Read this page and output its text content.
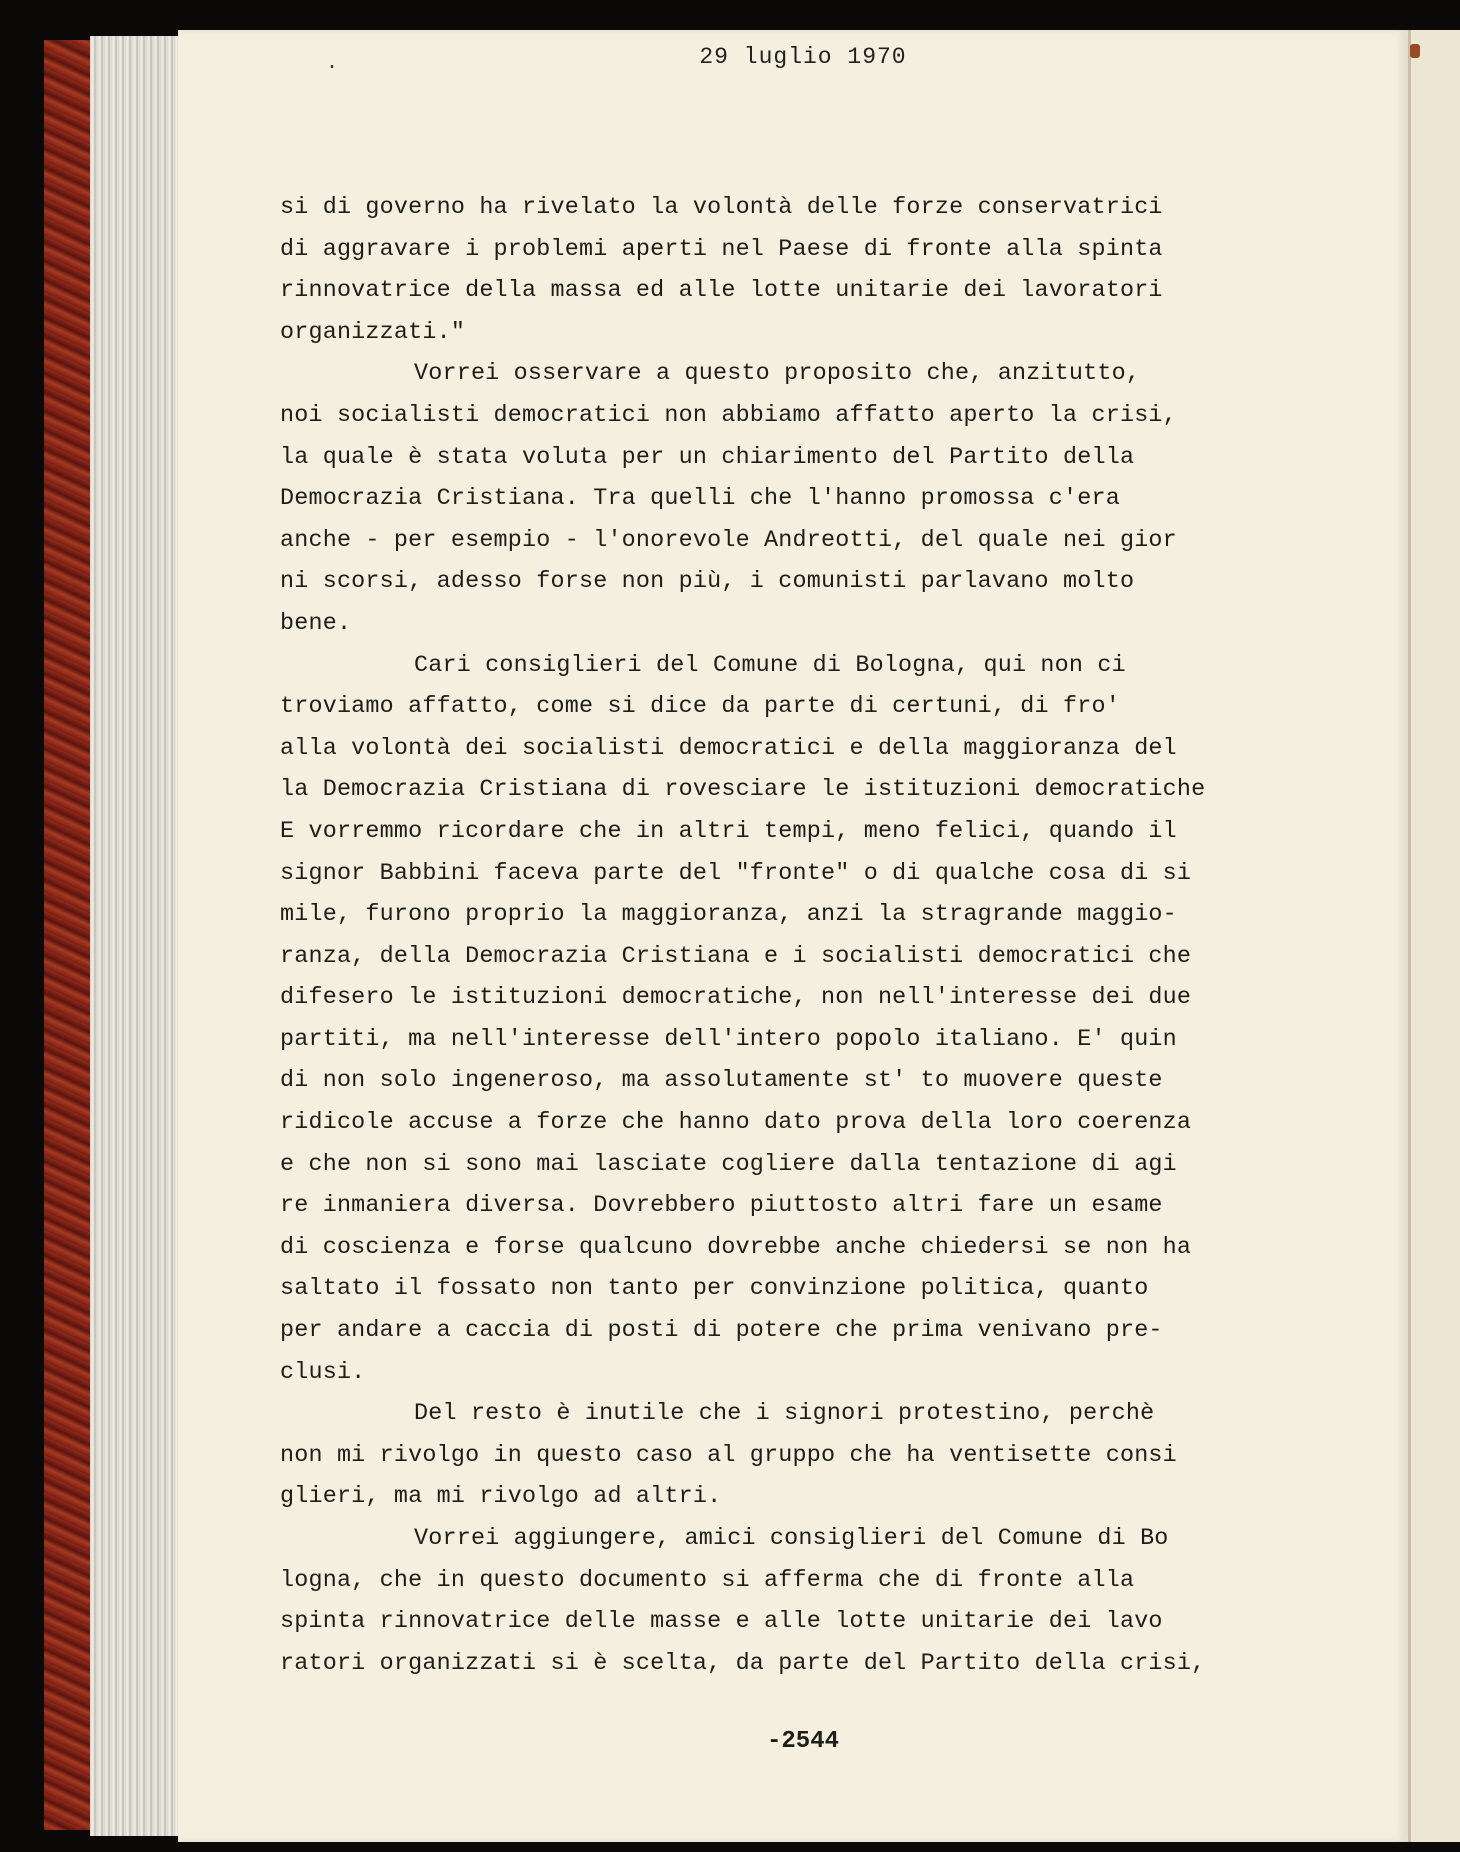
·	29 luglio 1970
si di governo ha rivelato la volontà delle forze conservatrici
di aggravare i problemi aperti nel Paese di fronte alla spinta
rinnovatrice della massa ed alle lotte unitarie dei lavoratori
organizzati."
Vorrei osservare a questo proposito che, anzitutto,
noi socialisti democratici non abbiamo affatto aperto la crisi,
la quale è stata voluta per un chiarimento del Partito della
Democrazia Cristiana. Tra quelli che l'hanno promossa c'era
anche - per esempio - l'onorevole Andreotti, del quale nei gior
ni scorsi, adesso forse non più, i comunisti parlavano molto
bene.
Cari consiglieri del Comune di Bologna, qui non ci
troviamo affatto, come si dice da parte di certuni, di fro'
alla volontà dei socialisti democratici e della maggioranza del
la Democrazia Cristiana di rovesciare le istituzioni democratiche
E vorremmo ricordare che in altri tempi, meno felici, quando il
signor Babbini faceva parte del "fronte" o di qualche cosa di si
mile, furono proprio la maggioranza, anzi la stragrande maggio-
ranza, della Democrazia Cristiana e i socialisti democratici che
difesero le istituzioni democratiche, non nell'interesse dei due
partiti, ma nell'interesse dell'intero popolo italiano. E' quin
di non solo ingeneroso, ma assolutamente st' to muovere queste
ridicole accuse a forze che hanno dato prova della loro coerenza
e che non si sono mai lasciate cogliere dalla tentazione di agi
re inmaniera diversa. Dovrebbero piuttosto altri fare un esame
di coscienza e forse qualcuno dovrebbe anche chiedersi se non ha
saltato il fossato non tanto per convinzione politica, quanto
per andare a caccia di posti di potere che prima venivano pre-
clusi.
Del resto è inutile che i signori protestino, perchè
non mi rivolgo in questo caso al gruppo che ha ventisette consi
glieri, ma mi rivolgo ad altri.
Vorrei aggiungere, amici consiglieri del Comune di Bo
logna, che in questo documento si afferma che di fronte alla
spinta rinnovatrice delle masse e alle lotte unitarie dei lavo
ratori organizzati si è scelta, da parte del Partito della crisi,
-2544
